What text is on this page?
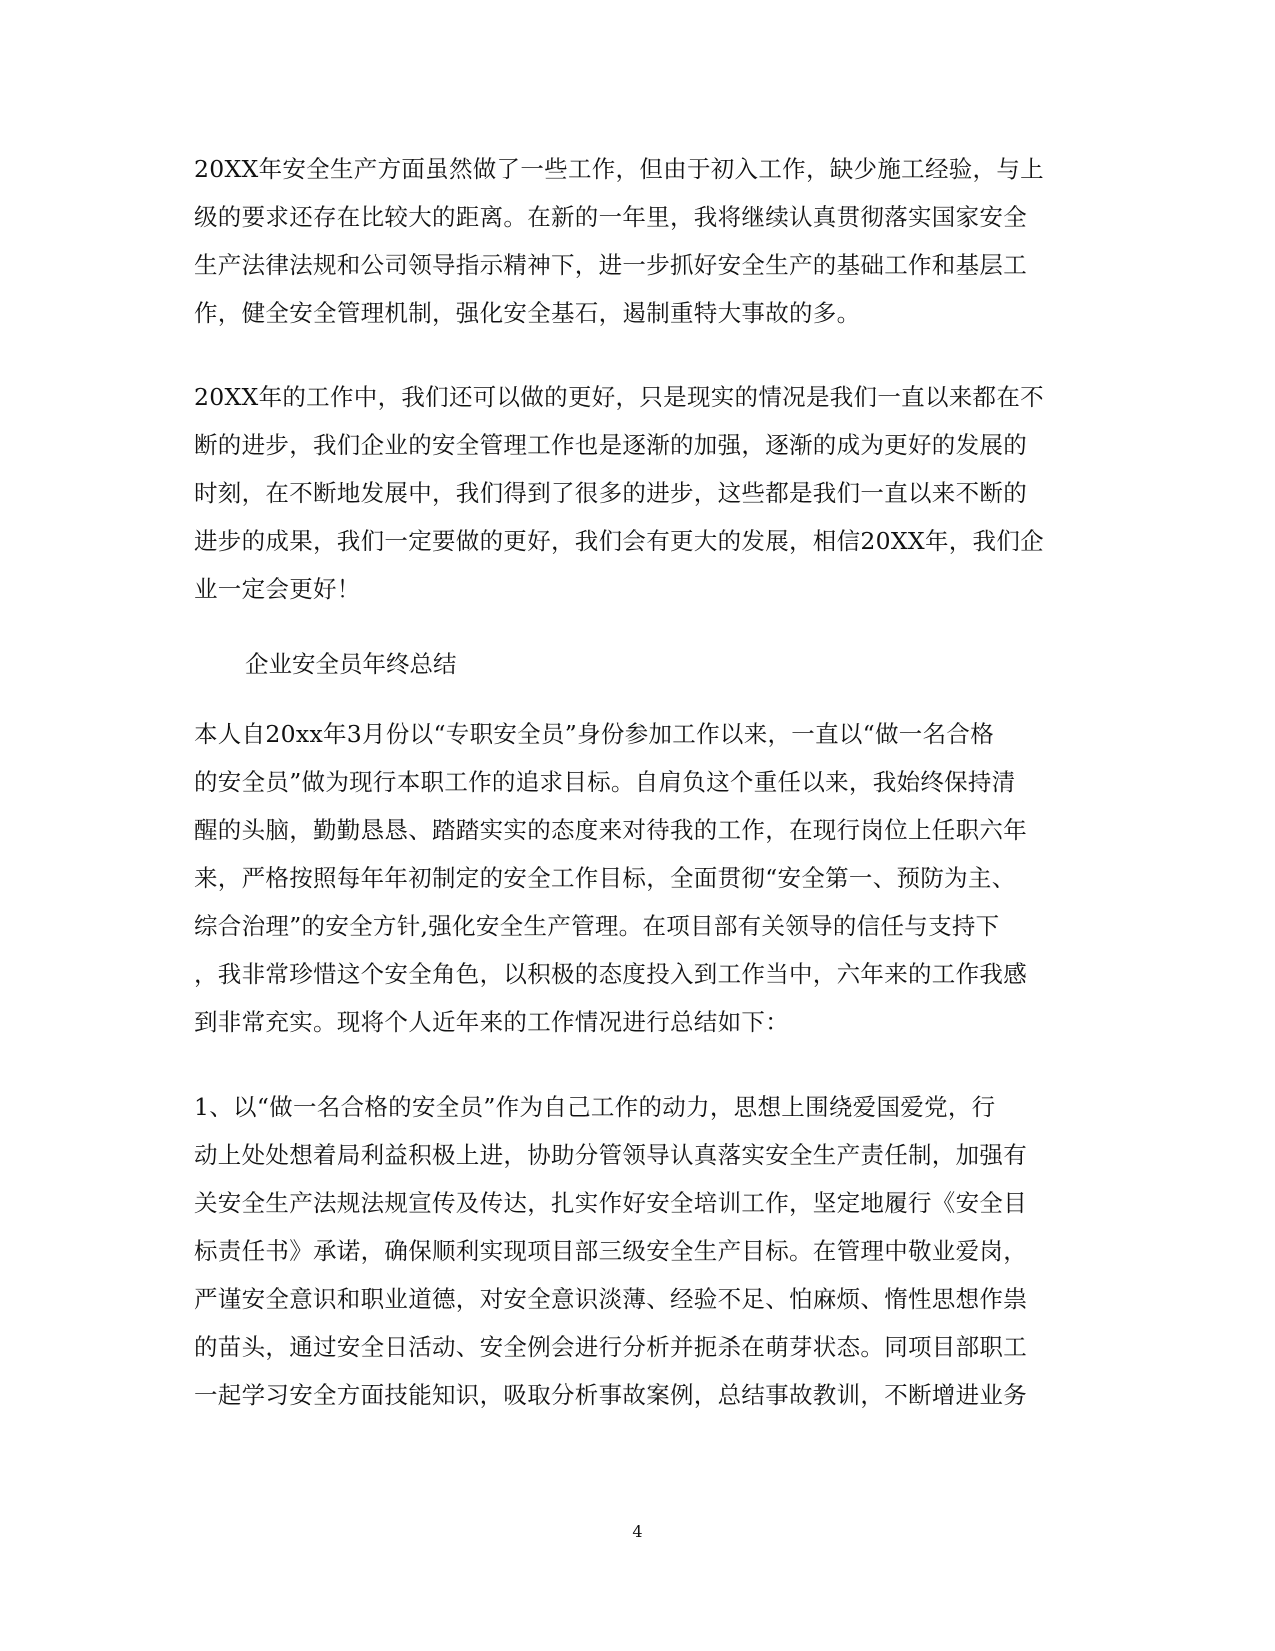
20XX年安全生产方面虽然做了一些工作，但由于初入工作，缺少施工经验，与上
级的要求还存在比较大的距离。在新的一年里，我将继续认真贯彻落实国家安全
生产法律法规和公司领导指示精神下，进一步抓好安全生产的基础工作和基层工
作，健全安全管理机制，强化安全基石，遏制重特大事故的多。
20XX年的工作中，我们还可以做的更好，只是现实的情况是我们一直以来都在不
断的进步，我们企业的安全管理工作也是逐渐的加强，逐渐的成为更好的发展的
时刻，在不断地发展中，我们得到了很多的进步，这些都是我们一直以来不断的
进步的成果，我们一定要做的更好，我们会有更大的发展，相信20XX年，我们企
业一定会更好！
企业安全员年终总结
本人自20xx年3月份以“专职安全员”身份参加工作以来，一直以“做一名合格
的安全员”做为现行本职工作的追求目标。自肩负这个重任以来，我始终保持清
醒的头脑，勤勤恳恳、踏踏实实的态度来对待我的工作，在现行岗位上任职六年
来，严格按照每年年初制定的安全工作目标，全面贯彻“安全第一、预防为主、
综合治理”的安全方针,强化安全生产管理。在项目部有关领导的信任与支持下
，我非常珍惜这个安全角色，以积极的态度投入到工作当中，六年来的工作我感
到非常充实。现将个人近年来的工作情况进行总结如下：
1、以“做一名合格的安全员”作为自己工作的动力，思想上围绕爱国爱党，行
动上处处想着局利益积极上进，协助分管领导认真落实安全生产责任制，加强有
关安全生产法规法规宣传及传达，扎实作好安全培训工作，坚定地履行《安全目
标责任书》承诺，确保顺利实现项目部三级安全生产目标。在管理中敬业爱岗，
严谨安全意识和职业道德，对安全意识淡薄、经验不足、怕麻烦、惰性思想作祟
的苗头，通过安全日活动、安全例会进行分析并扼杀在萌芽状态。同项目部职工
一起学习安全方面技能知识，吸取分析事故案例，总结事故教训，不断增进业务
4
